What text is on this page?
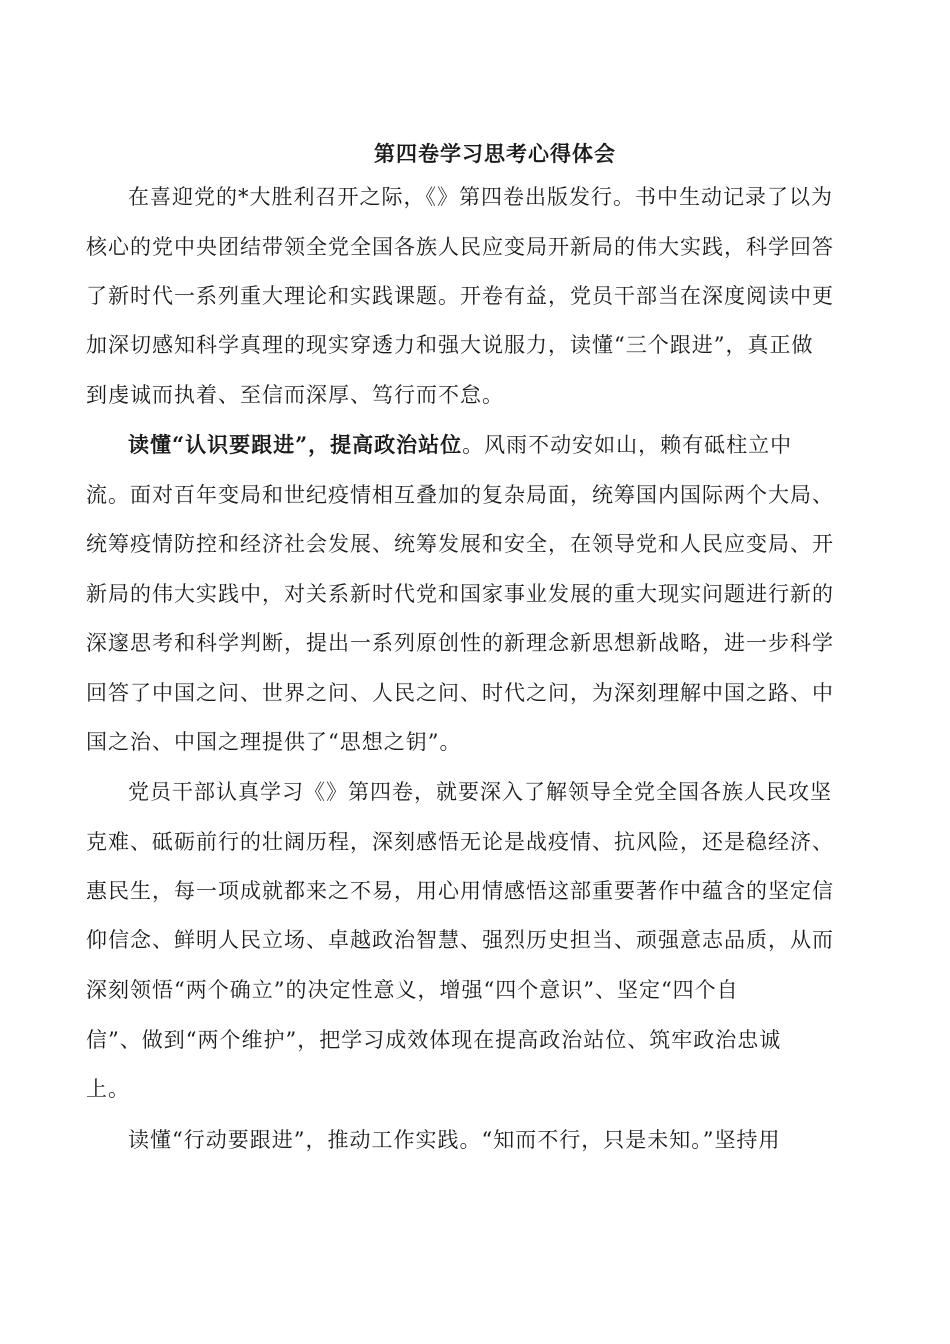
第四卷学习思考心得体会
在喜迎党的*大胜利召开之际，《》第四卷出版发行。书中生动记录了以为
核心的党中央团结带领全党全国各族人民应变局开新局的伟大实践，科学回答
了新时代一系列重大理论和实践课题。开卷有益，党员干部当在深度阅读中更
加深切感知科学真理的现实穿透力和强大说服力，读懂“三个跟进”，真正做
到虔诚而执着、至信而深厚、笃行而不怠。
读懂“认识要跟进”，提高政治站位。风雨不动安如山，赖有砥柱立中
流。面对百年变局和世纪疫情相互叠加的复杂局面，统筹国内国际两个大局、
统筹疫情防控和经济社会发展、统筹发展和安全，在领导党和人民应变局、开
新局的伟大实践中，对关系新时代党和国家事业发展的重大现实问题进行新的
深邃思考和科学判断，提出一系列原创性的新理念新思想新战略，进一步科学
回答了中国之问、世界之问、人民之问、时代之问，为深刻理解中国之路、中
国之治、中国之理提供了“思想之钥”。
党员干部认真学习《》第四卷，就要深入了解领导全党全国各族人民攻坚
克难、砥砺前行的壮阔历程，深刻感悟无论是战疫情、抗风险，还是稳经济、
惠民生，每一项成就都来之不易，用心用情感悟这部重要著作中蕴含的坚定信
仰信念、鲜明人民立场、卓越政治智慧、强烈历史担当、顽强意志品质，从而
深刻领悟“两个确立”的决定性意义，增强“四个意识”、坚定“四个自
信”、做到“两个维护”，把学习成效体现在提高政治站位、筑牢政治忠诚
上。
读懂“行动要跟进”，推动工作实践。“知而不行，只是未知。”坚持用
